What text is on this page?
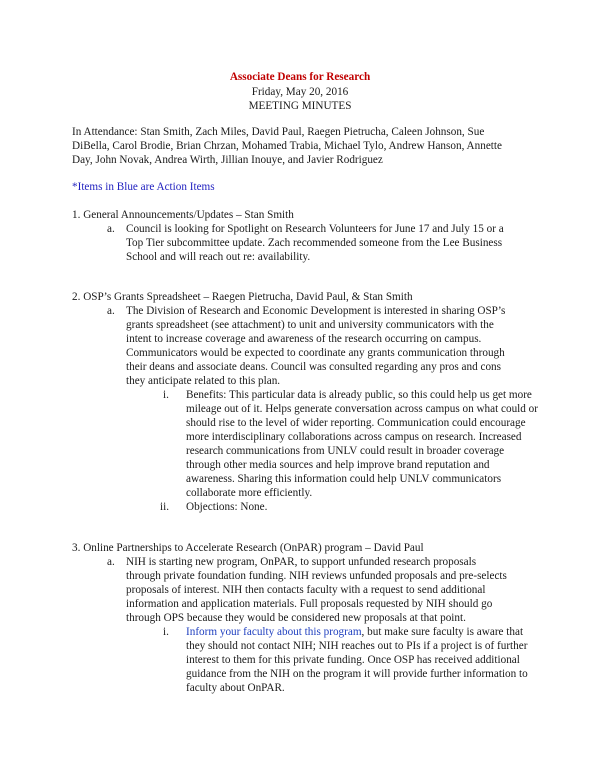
Associate Deans for Research
Friday, May 20, 2016
MEETING MINUTES
In Attendance: Stan Smith, Zach Miles, David Paul, Raegen Pietrucha, Caleen Johnson, Sue
DiBella, Carol Brodie, Brian Chrzan, Mohamed Trabia, Michael Tylo, Andrew Hanson, Annette
Day, John Novak, Andrea Wirth, Jillian Inouye, and Javier Rodriguez
*Items in Blue are Action Items
1. General Announcements/Updates – Stan Smith
a. Council is looking for Spotlight on Research Volunteers for June 17 and July 15 or a
Top Tier subcommittee update. Zach recommended someone from the Lee Business
School and will reach out re: availability.
2. OSP’s Grants Spreadsheet – Raegen Pietrucha, David Paul, & Stan Smith
a. The Division of Research and Economic Development is interested in sharing OSP’s
grants spreadsheet (see attachment) to unit and university communicators with the
intent to increase coverage and awareness of the research occurring on campus.
Communicators would be expected to coordinate any grants communication through
their deans and associate deans. Council was consulted regarding any pros and cons
they anticipate related to this plan.
i. Benefits: This particular data is already public, so this could help us get more
mileage out of it. Helps generate conversation across campus on what could or
should rise to the level of wider reporting. Communication could encourage
more interdisciplinary collaborations across campus on research. Increased
research communications from UNLV could result in broader coverage
through other media sources and help improve brand reputation and
awareness. Sharing this information could help UNLV communicators
collaborate more efficiently.
ii. Objections: None.
3. Online Partnerships to Accelerate Research (OnPAR) program – David Paul
a. NIH is starting new program, OnPAR, to support unfunded research proposals
through private foundation funding. NIH reviews unfunded proposals and pre-selects
proposals of interest. NIH then contacts faculty with a request to send additional
information and application materials. Full proposals requested by NIH should go
through OPS because they would be considered new proposals at that point.
i. Inform your faculty about this program, but make sure faculty is aware that
they should not contact NIH; NIH reaches out to PIs if a project is of further
interest to them for this private funding. Once OSP has received additional
guidance from the NIH on the program it will provide further information to
faculty about OnPAR.
